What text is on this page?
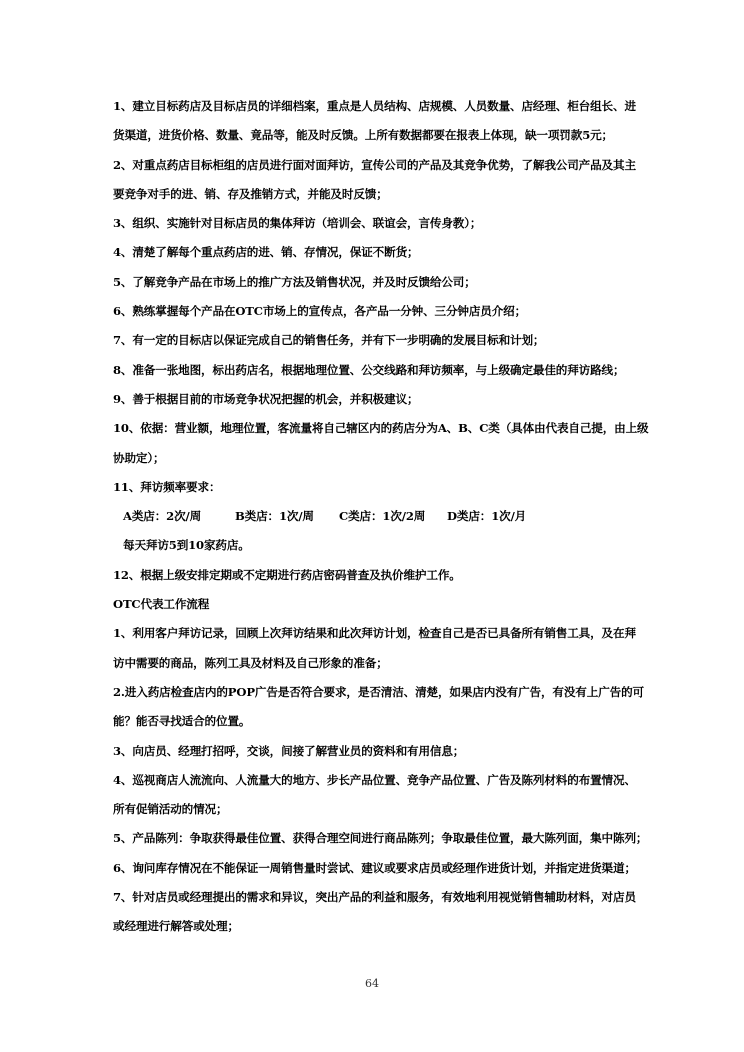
1、建立目标药店及目标店员的详细档案，重点是人员结构、店规模、人员数量、店经理、柜台组长、进
货渠道，进货价格、数量、竟品等，能及时反馈。上所有数据都要在报表上体现，缺一项罚款5元；
2、对重点药店目标柜组的店员进行面对面拜访，宣传公司的产品及其竞争优势，了解我公司产品及其主
要竞争对手的进、销、存及推销方式，并能及时反馈；
3、组织、实施针对目标店员的集体拜访（培训会、联谊会，言传身教）；
4、清楚了解每个重点药店的进、销、存情况，保证不断货；
5、了解竞争产品在市场上的推广方法及销售状况，并及时反馈给公司；
6、熟练掌握每个产品在OTC市场上的宣传点，各产品一分钟、三分钟店员介绍；
7、有一定的目标店以保证完成自己的销售任务，并有下一步明确的发展目标和计划；
8、准备一张地图，标出药店名，根据地理位置、公交线路和拜访频率，与上级确定最佳的拜访路线；
9、善于根据目前的市场竞争状况把握的机会，并积极建议；
10、依据：营业额，地理位置，客流量将自己辖区内的药店分为A、B、C类（具体由代表自己提，由上级
协助定）；
11、拜访频率要求：
A类店：2次/周	B类店：1次/周 C类店：1次/2周 D类店：1次/月
每天拜访5到10家药店。
12、根据上级安排定期或不定期进行药店密码普查及执价维护工作。
OTC代表工作流程
1、利用客户拜访记录，回顾上次拜访结果和此次拜访计划，检查自己是否已具备所有销售工具，及在拜
访中需要的商品，陈列工具及材料及自己形象的准备；
2.进入药店检查店内的POP广告是否符合要求，是否清洁、清楚，如果店内没有广告，有没有上广告的可
能？能否寻找适合的位置。
3、向店员、经理打招呼，交谈，间接了解营业员的资料和有用信息；
4、巡视商店人流流向、人流量大的地方、步长产品位置、竞争产品位置、广告及陈列材料的布置情况、
所有促销活动的情况；
5、产品陈列：争取获得最佳位置、获得合理空间进行商品陈列；争取最佳位置，最大陈列面，集中陈列；
6、询问库存情况在不能保证一周销售量时尝试、建议或要求店员或经理作进货计划，并指定进货渠道；
7、针对店员或经理提出的需求和异议，突出产品的利益和服务，有效地利用视觉销售辅助材料，对店员
或经理进行解答或处理；
64
